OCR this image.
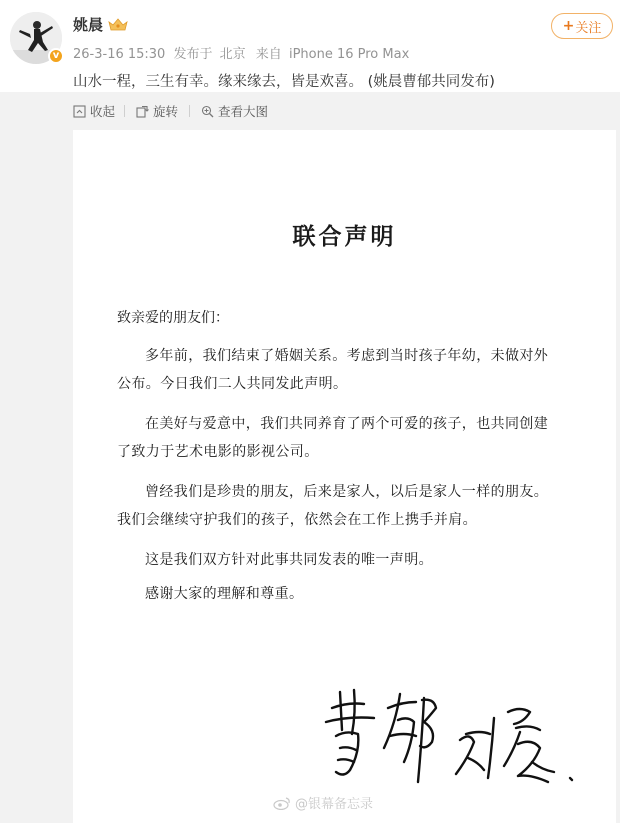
v
姚晨
26-3-16 15:30 发布于 北京 来自 iPhone 16 Pro Max
山水一程，三生有幸。缘来缘去，皆是欢喜。 (姚晨曹郁共同发布)
+ 关注
收起	旋转	查看大图
联合声明
致亲爱的朋友们：
多年前，我们结束了婚姻关系。考虑到当时孩子年幼，未做对外公布。今日我们二人共同发此声明。
在美好与爱意中，我们共同养育了两个可爱的孩子，也共同创建了致力于艺术电影的影视公司。
曾经我们是珍贵的朋友，后来是家人，以后是家人一样的朋友。我们会继续守护我们的孩子，依然会在工作上携手并肩。
这是我们双方针对此事共同发表的唯一声明。
感谢大家的理解和尊重。
@银幕备忘录
